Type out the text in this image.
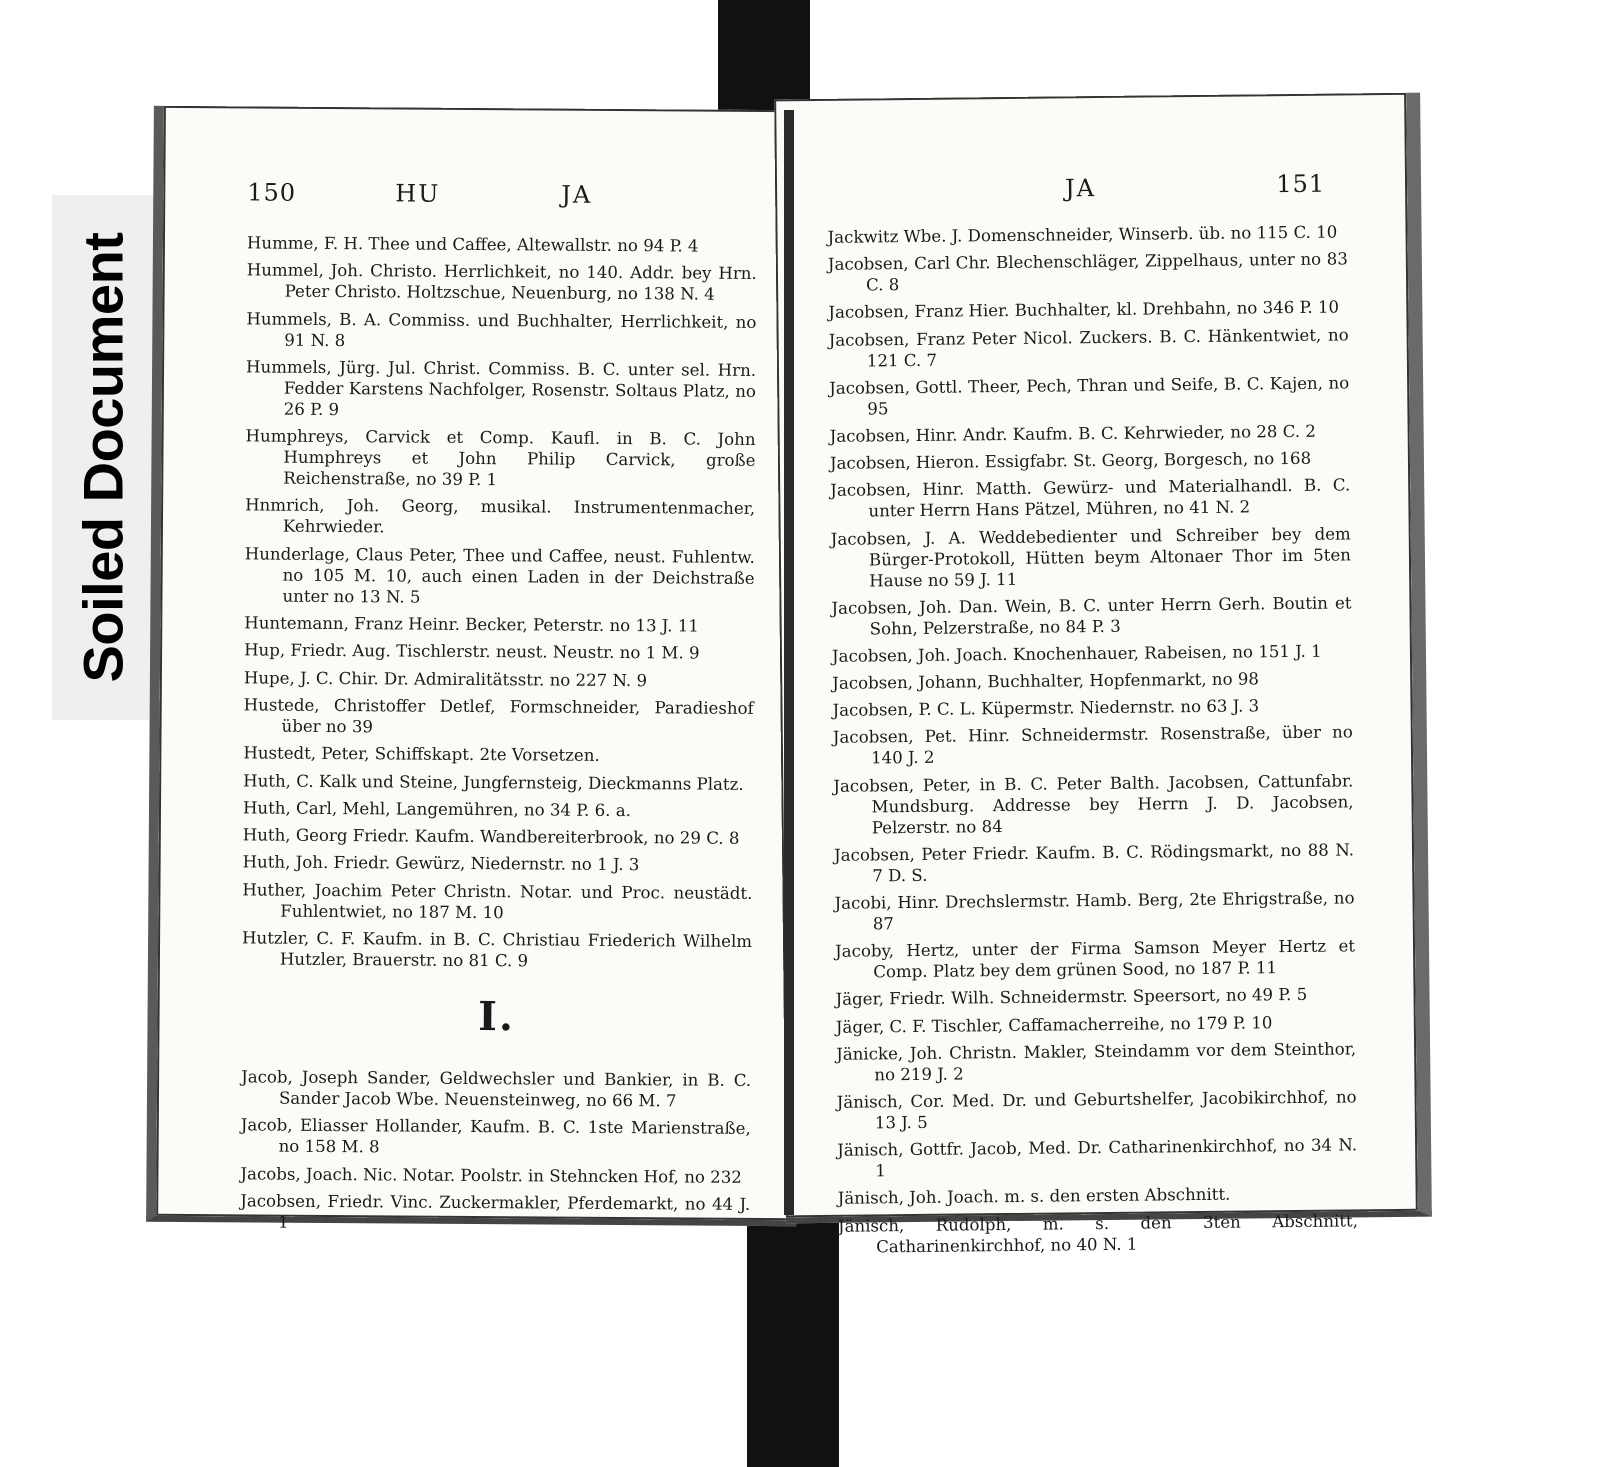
Soiled Document
150	HU	JA
Humme, F. H. Thee und Caffee, Altewallstr. no 94 P. 4
Hummel, Joh. Christo. Herrlichkeit, no 140. Addr. bey Hrn. Peter Christo. Holtzschue, Neuenburg, no 138 N. 4
Hummels, B. A. Commiss. und Buchhalter, Herrlichkeit, no 91 N. 8
Hummels, Jürg. Jul. Christ. Commiss. B. C. unter sel. Hrn. Fedder Karstens Nachfolger, Rosenstr. Soltaus Platz, no 26 P. 9
Humphreys, Carvick et Comp. Kaufl. in B. C. John Humphreys et John Philip Carvick, große Reichenstraße, no 39 P. 1
Hnmrich, Joh. Georg, musikal. Instrumentenmacher, Kehrwieder.
Hunderlage, Claus Peter, Thee und Caffee, neust. Fuhlentw. no 105 M. 10, auch einen Laden in der Deichstraße unter no 13 N. 5
Huntemann, Franz Heinr. Becker, Peterstr. no 13 J. 11
Hup, Friedr. Aug. Tischlerstr. neust. Neustr. no 1 M. 9
Hupe, J. C. Chir. Dr. Admiralitätsstr. no 227 N. 9
Hustede, Christoffer Detlef, Formschneider, Paradieshof über no 39
Hustedt, Peter, Schiffskapt. 2te Vorsetzen.
Huth, C. Kalk und Steine, Jungfernsteig, Dieckmanns Platz.
Huth, Carl, Mehl, Langemühren, no 34 P. 6. a.
Huth, Georg Friedr. Kaufm. Wandbereiterbrook, no 29 C. 8
Huth, Joh. Friedr. Gewürz, Niedernstr. no 1 J. 3
Huther, Joachim Peter Christn. Notar. und Proc. neustädt. Fuhlentwiet, no 187 M. 10
Hutzler, C. F. Kaufm. in B. C. Christiau Friederich Wilhelm Hutzler, Brauerstr. no 81 C. 9
I.
Jacob, Joseph Sander, Geldwechsler und Bankier, in B. C. Sander Jacob Wbe. Neuensteinweg, no 66 M. 7
Jacob, Eliasser Hollander, Kaufm. B. C. 1ste Marienstraße, no 158 M. 8
Jacobs, Joach. Nic. Notar. Poolstr. in Stehncken Hof, no 232
Jacobsen, Friedr. Vinc. Zuckermakler, Pferdemarkt, no 44 J. 1
151
JA
Jackwitz Wbe. J. Domenschneider, Winserb. üb. no 115 C. 10
Jacobsen, Carl Chr. Blechenschläger, Zippelhaus, unter no 83 C. 8
Jacobsen, Franz Hier. Buchhalter, kl. Drehbahn, no 346 P. 10
Jacobsen, Franz Peter Nicol. Zuckers. B. C. Hänkentwiet, no 121 C. 7
Jacobsen, Gottl. Theer, Pech, Thran und Seife, B. C. Kajen, no 95
Jacobsen, Hinr. Andr. Kaufm. B. C. Kehrwieder, no 28 C. 2
Jacobsen, Hieron. Essigfabr. St. Georg, Borgesch, no 168
Jacobsen, Hinr. Matth. Gewürz- und Materialhandl. B. C. unter Herrn Hans Pätzel, Mühren, no 41 N. 2
Jacobsen, J. A. Weddebedienter und Schreiber bey dem Bürger-Protokoll, Hütten beym Altonaer Thor im 5ten Hause no 59 J. 11
Jacobsen, Joh. Dan. Wein, B. C. unter Herrn Gerh. Boutin et Sohn, Pelzerstraße, no 84 P. 3
Jacobsen, Joh. Joach. Knochenhauer, Rabeisen, no 151 J. 1
Jacobsen, Johann, Buchhalter, Hopfenmarkt, no 98
Jacobsen, P. C. L. Küpermstr. Niedernstr. no 63 J. 3
Jacobsen, Pet. Hinr. Schneidermstr. Rosenstraße, über no 140 J. 2
Jacobsen, Peter, in B. C. Peter Balth. Jacobsen, Cattunfabr. Mundsburg. Addresse bey Herrn J. D. Jacobsen, Pelzerstr. no 84
Jacobsen, Peter Friedr. Kaufm. B. C. Rödingsmarkt, no 88 N. 7 D. S.
Jacobi, Hinr. Drechslermstr. Hamb. Berg, 2te Ehrigstraße, no 87
Jacoby, Hertz, unter der Firma Samson Meyer Hertz et Comp. Platz bey dem grünen Sood, no 187 P. 11
Jäger, Friedr. Wilh. Schneidermstr. Speersort, no 49 P. 5
Jäger, C. F. Tischler, Caffamacherreihe, no 179 P. 10
Jänicke, Joh. Christn. Makler, Steindamm vor dem Steinthor, no 219 J. 2
Jänisch, Cor. Med. Dr. und Geburtshelfer, Jacobikirchhof, no 13 J. 5
Jänisch, Gottfr. Jacob, Med. Dr. Catharinenkirchhof, no 34 N. 1
Jänisch, Joh. Joach. m. s. den ersten Abschnitt.
Jänisch, Rudolph, m. s. den 3ten Abschnitt, Catharinenkirchhof, no 40 N. 1
